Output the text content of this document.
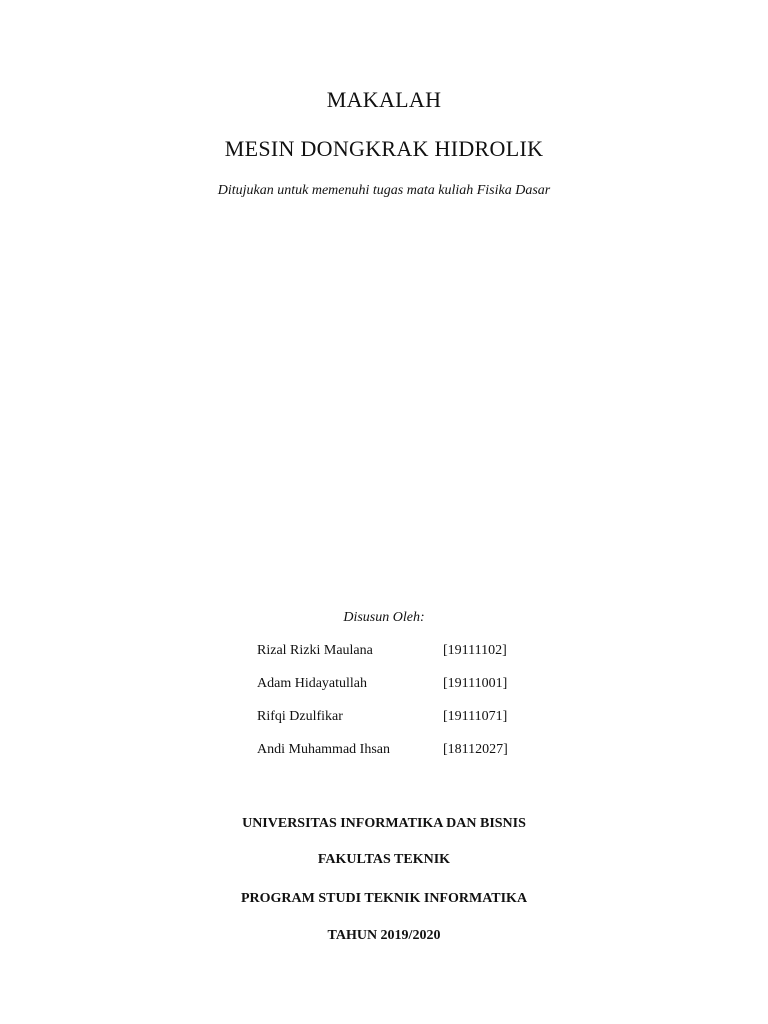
MAKALAH
MESIN DONGKRAK HIDROLIK
Ditujukan untuk memenuhi tugas mata kuliah Fisika Dasar
Disusun Oleh:
Rizal Rizki Maulana	[19111102]
Adam Hidayatullah	[19111001]
Rifqi Dzulfikar	[19111071]
Andi Muhammad Ihsan	[18112027]
UNIVERSITAS INFORMATIKA DAN BISNIS
FAKULTAS TEKNIK
PROGRAM STUDI TEKNIK INFORMATIKA
TAHUN 2019/2020
